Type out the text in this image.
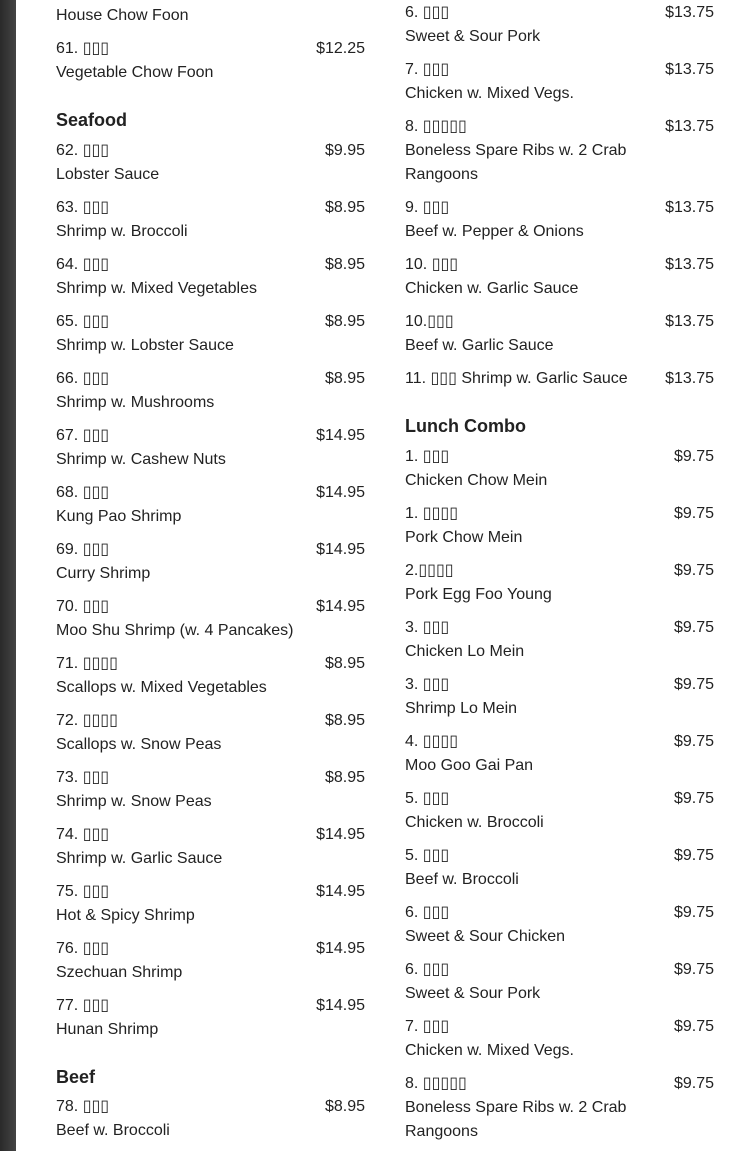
House Chow Foon
61. ▯▯▯	$12.25
Vegetable Chow Foon
Seafood
62. ▯▯▯	$9.95
Lobster Sauce
63. ▯▯▯	$8.95
Shrimp w. Broccoli
64. ▯▯▯	$8.95
Shrimp w. Mixed Vegetables
65. ▯▯▯	$8.95
Shrimp w. Lobster Sauce
66. ▯▯▯	$8.95
Shrimp w. Mushrooms
67. ▯▯▯	$14.95
Shrimp w. Cashew Nuts
68. ▯▯▯	$14.95
Kung Pao Shrimp
69. ▯▯▯	$14.95
Curry Shrimp
70. ▯▯▯	$14.95
Moo Shu Shrimp (w. 4 Pancakes)
71. ▯▯▯▯	$8.95
Scallops w. Mixed Vegetables
72. ▯▯▯▯	$8.95
Scallops w. Snow Peas
73. ▯▯▯	$8.95
Shrimp w. Snow Peas
74. ▯▯▯	$14.95
Shrimp w. Garlic Sauce
75. ▯▯▯	$14.95
Hot & Spicy Shrimp
76. ▯▯▯	$14.95
Szechuan Shrimp
77. ▯▯▯	$14.95
Hunan Shrimp
Beef
78. ▯▯▯	$8.95
Beef w. Broccoli
6. ▯▯▯	$13.75
Sweet & Sour Pork
7. ▯▯▯	$13.75
Chicken w. Mixed Vegs.
8. ▯▯▯▯▯	$13.75
Boneless Spare Ribs w. 2 Crab Rangoons
9. ▯▯▯	$13.75
Beef w. Pepper & Onions
10. ▯▯▯	$13.75
Chicken w. Garlic Sauce
10.▯▯▯	$13.75
Beef w. Garlic Sauce
11. ▯▯▯ Shrimp w. Garlic Sauce $13.75
Lunch Combo
1. ▯▯▯	$9.75
Chicken Chow Mein
1. ▯▯▯▯	$9.75
Pork Chow Mein
2.▯▯▯▯	$9.75
Pork Egg Foo Young
3. ▯▯▯	$9.75
Chicken Lo Mein
3. ▯▯▯	$9.75
Shrimp Lo Mein
4. ▯▯▯▯	$9.75
Moo Goo Gai Pan
5. ▯▯▯	$9.75
Chicken w. Broccoli
5. ▯▯▯	$9.75
Beef w. Broccoli
6. ▯▯▯	$9.75
Sweet & Sour Chicken
6. ▯▯▯	$9.75
Sweet & Sour Pork
7. ▯▯▯	$9.75
Chicken w. Mixed Vegs.
8. ▯▯▯▯▯	$9.75
Boneless Spare Ribs w. 2 Crab Rangoons
